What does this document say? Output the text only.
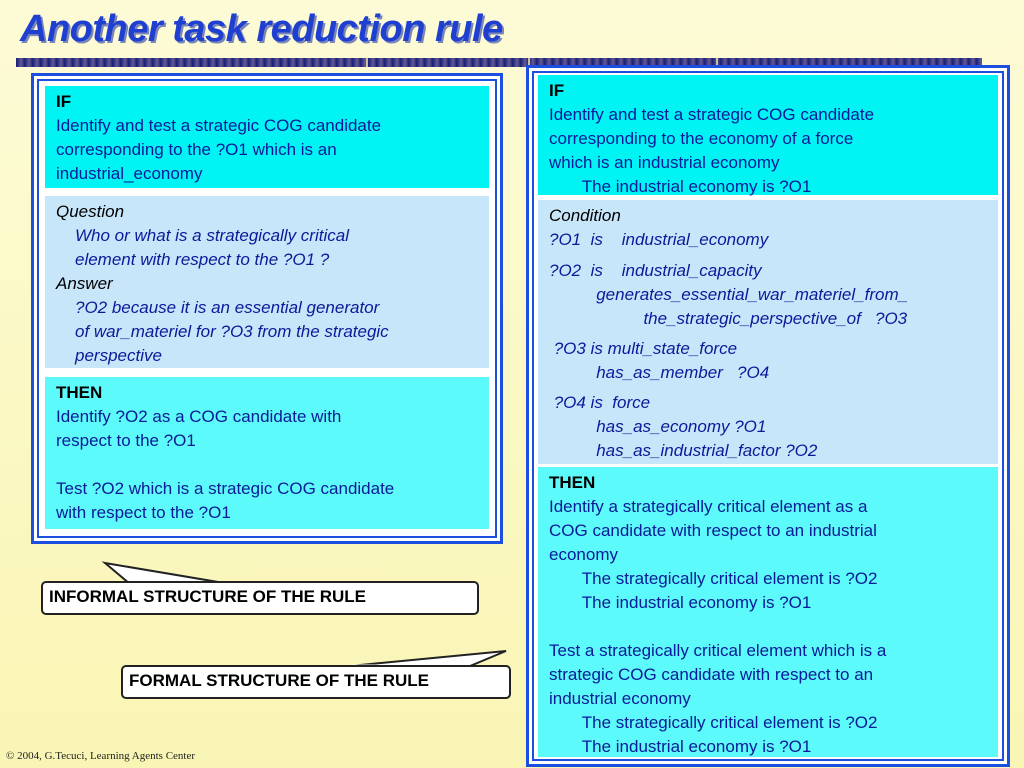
Another task reduction rule
IF
Identify and test a strategic COG candidate
corresponding to the ?O1 which is an
industrial_economy
Question
Who or what is a strategically critical
element with respect to the ?O1 ?
Answer
?O2 because it is an essential generator
of war_materiel for ?O3 from the strategic
perspective
THEN
Identify ?O2 as a COG candidate with
respect to the ?O1
Test ?O2 which is a strategic COG candidate
with respect to the ?O1
IF
Identify and test a strategic COG candidate
corresponding to the economy of a force
which is an industrial economy
The industrial economy is ?O1
Condition
?O1  is    industrial_economy
?O2  is    industrial_capacity
generates_essential_war_materiel_from_
the_strategic_perspective_of   ?O3
?O3 is multi_state_force
has_as_member   ?O4
?O4 is  force
has_as_economy ?O1
has_as_industrial_factor ?O2
THEN
Identify a strategically critical element as a
COG candidate with respect to an industrial
economy
The strategically critical element is ?O2
The industrial economy is ?O1
Test a strategically critical element which is a
strategic COG candidate with respect to an
industrial economy
The strategically critical element is ?O2
The industrial economy is ?O1
INFORMAL STRUCTURE OF THE RULE
FORMAL STRUCTURE OF THE RULE
© 2004, G.Tecuci, Learning Agents Center
